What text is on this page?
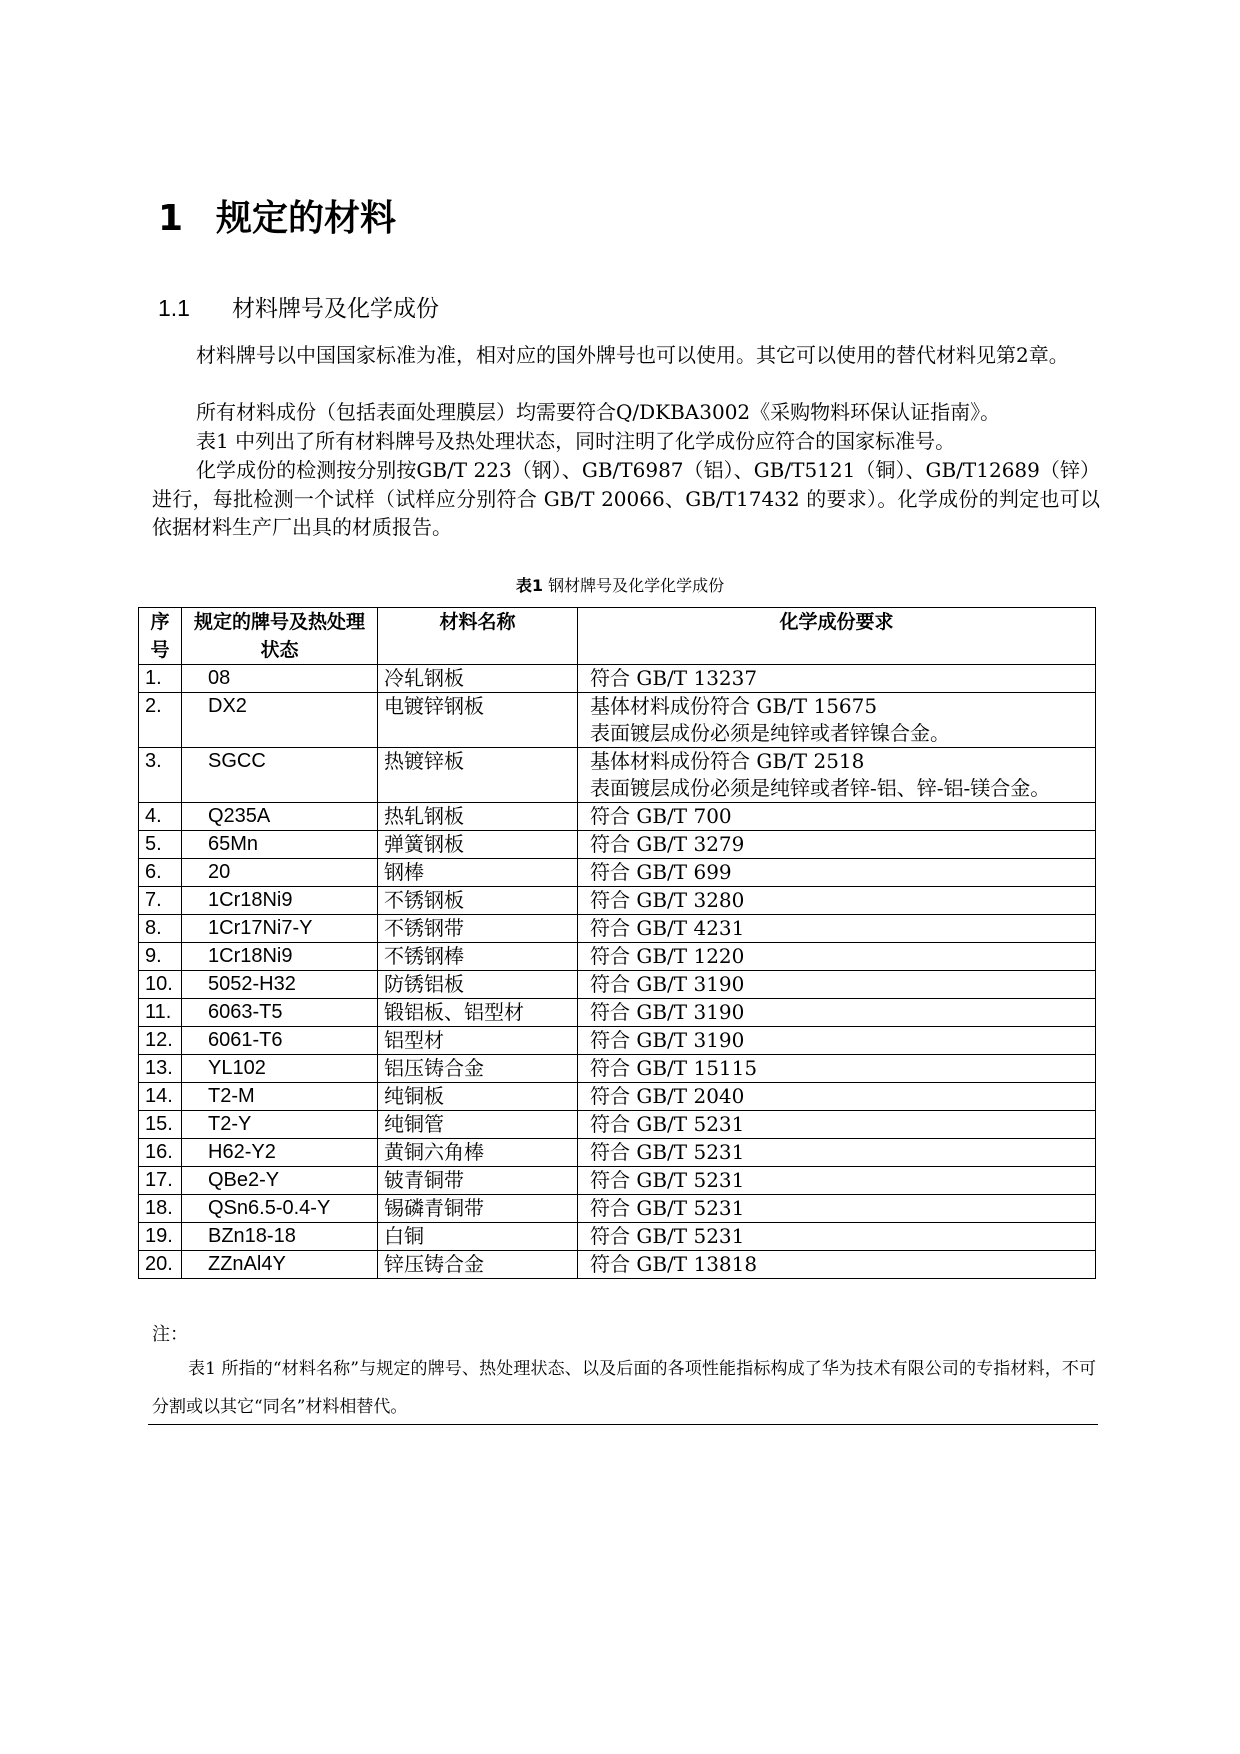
1 规定的材料
1.1 材料牌号及化学成份
材料牌号以中国国家标准为准，相对应的国外牌号也可以使用。其它可以使用的替代材料见第2章。
所有材料成份（包括表面处理膜层）均需要符合Q/DKBA3002《采购物料环保认证指南》。
表1 中列出了所有材料牌号及热处理状态，同时注明了化学成份应符合的国家标准号。
化学成份的检测按分别按GB/T 223（钢）、GB/T6987（铝）、GB/T5121（铜）、GB/T12689（锌）进行，每批检测一个试样（试样应分别符合 GB/T 20066、GB/T17432 的要求）。化学成份的判定也可以依据材料生产厂出具的材质报告。
表1 钢材牌号及化学化学成份
序号	规定的牌号及热处理状态	材料名称	化学成份要求
1.	08	冷轧钢板	符合 GB/T 13237

2.	DX2	电镀锌钢板	基体材料成份符合 GB/T 15675
表面镀层成份必须是纯锌或者锌镍合金。

3.	SGCC	热镀锌板	基体材料成份符合 GB/T 2518
表面镀层成份必须是纯锌或者锌-铝、锌-铝-镁合金。

4.	Q235A	热轧钢板	符合 GB/T 700

5.	65Mn	弹簧钢板	符合 GB/T 3279

6.	20	钢棒	符合 GB/T 699

7.	1Cr18Ni9	不锈钢板	符合 GB/T 3280

8.	1Cr17Ni7-Y	不锈钢带	符合 GB/T 4231

9.	1Cr18Ni9	不锈钢棒	符合 GB/T 1220

10.	5052-H32	防锈铝板	符合 GB/T 3190

11.	6063-T5	锻铝板、铝型材	符合 GB/T 3190

12.	6061-T6	铝型材	符合 GB/T 3190

13.	YL102	铝压铸合金	符合 GB/T 15115

14.	T2-M	纯铜板	符合 GB/T 2040

15.	T2-Y	纯铜管	符合 GB/T 5231

16.	H62-Y2	黄铜六角棒	符合 GB/T 5231

17.	QBe2-Y	铍青铜带	符合 GB/T 5231

18.	QSn6.5-0.4-Y	锡磷青铜带	符合 GB/T 5231

19.	BZn18-18	白铜	符合 GB/T 5231

20.	ZZnAl4Y	锌压铸合金	符合 GB/T 13818
注：
表1 所指的“材料名称”与规定的牌号、热处理状态、以及后面的各项性能指标构成了华为技术有限公司的专指材料，不可分割或以其它“同名”材料相替代。
